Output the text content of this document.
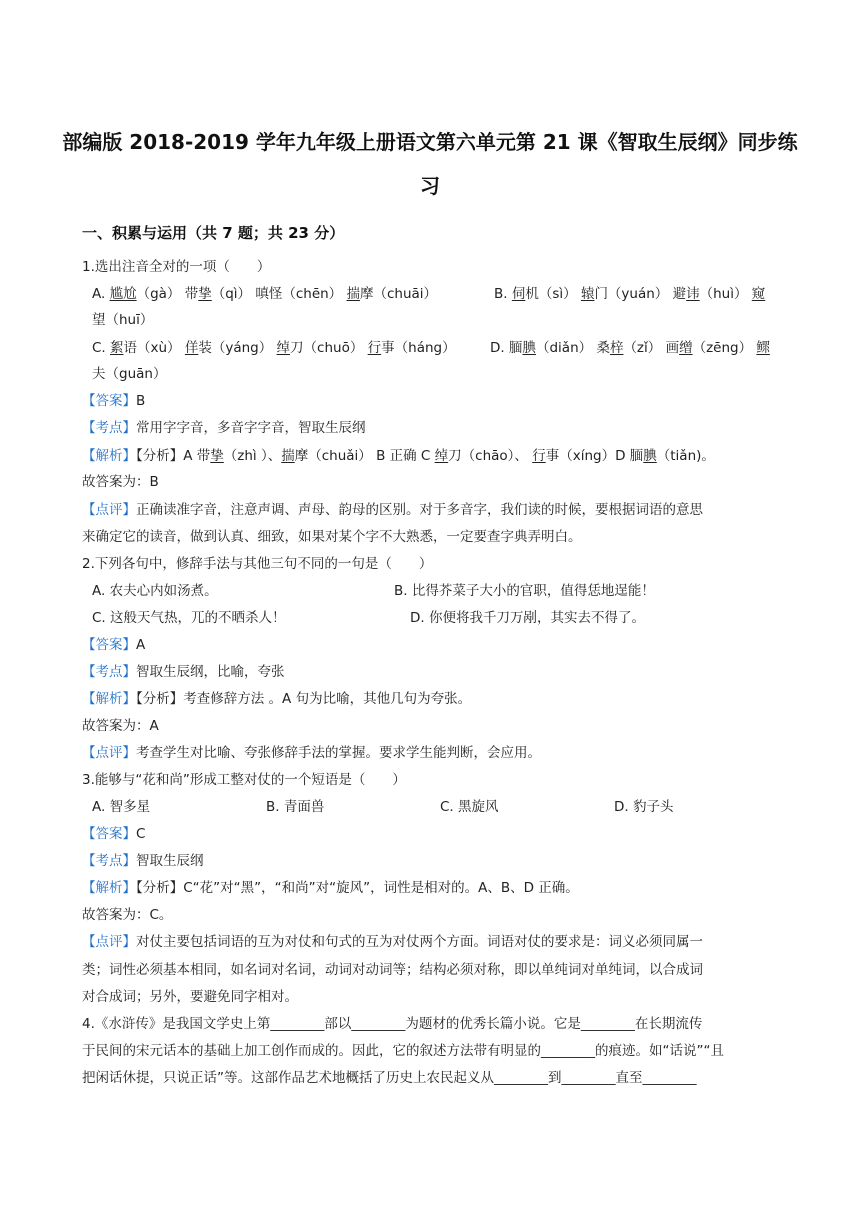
部编版 2018-2019 学年九年级上册语文第六单元第 21 课《智取生辰纲》同步练
习
一、积累与运用（共 7 题；共 23 分）
1.选出注音全对的一项（　　）
A. 尴尬（gà） 带挚（qì） 嗔怪（chēn） 揣摩（chuāi）	B. 伺机（sì） 辕门（yuán） 避讳（huì） 窥
望（huī）
C. 絮语（xù） 佯装（yáng） 绰刀（chuō） 行事（háng）	D. 腼腆（diǎn） 桑梓（zǐ） 画缯（zēng） 鳏
夫（guān）
【答案】B
【考点】常用字字音，多音字字音，智取生辰纲
【解析】【分析】A 带挚（zhì ）、揣摩（chuǎi） B 正确 C 绰刀（chāo）、 行事（xíng）D 腼腆（tiǎn)。
故答案为：B
【点评】正确读准字音，注意声调、声母、韵母的区别。对于多音字，我们读的时候，要根据词语的意思
来确定它的读音，做到认真、细致，如果对某个字不大熟悉，一定要查字典弄明白。
2.下列各句中，修辞手法与其他三句不同的一句是（　　）
A. 农夫心内如汤煮。	B. 比得芥菜子大小的官职，值得恁地逞能！
C. 这般天气热，兀的不晒杀人！	D. 你便将我千刀万剐，其实去不得了。
【答案】A
【考点】智取生辰纲，比喻，夸张
【解析】【分析】考查修辞方法 。A 句为比喻，其他几句为夸张。
故答案为：A
【点评】考查学生对比喻、夸张修辞手法的掌握。要求学生能判断，会应用。
3.能够与“花和尚”形成工整对仗的一个短语是（　　）
A. 智多星	B. 青面兽	C. 黑旋风	D. 豹子头
【答案】C
【考点】智取生辰纲
【解析】【分析】C“花”对“黑”，“和尚”对“旋风”，词性是相对的。A、B、D 正确。
故答案为：C。
【点评】对仗主要包括词语的互为对仗和句式的互为对仗两个方面。词语对仗的要求是：词义必须同属一
类；词性必须基本相同，如名词对名词，动词对动词等；结构必须对称，即以单纯词对单纯词，以合成词
对合成词；另外，要避免同字相对。
4.《水浒传》是我国文学史上第________部以________为题材的优秀长篇小说。它是________在长期流传
于民间的宋元话本的基础上加工创作而成的。因此，它的叙述方法带有明显的________的痕迹。如“话说”“且
把闲话休提，只说正话”等。这部作品艺术地概括了历史上农民起义从________到________直至________
